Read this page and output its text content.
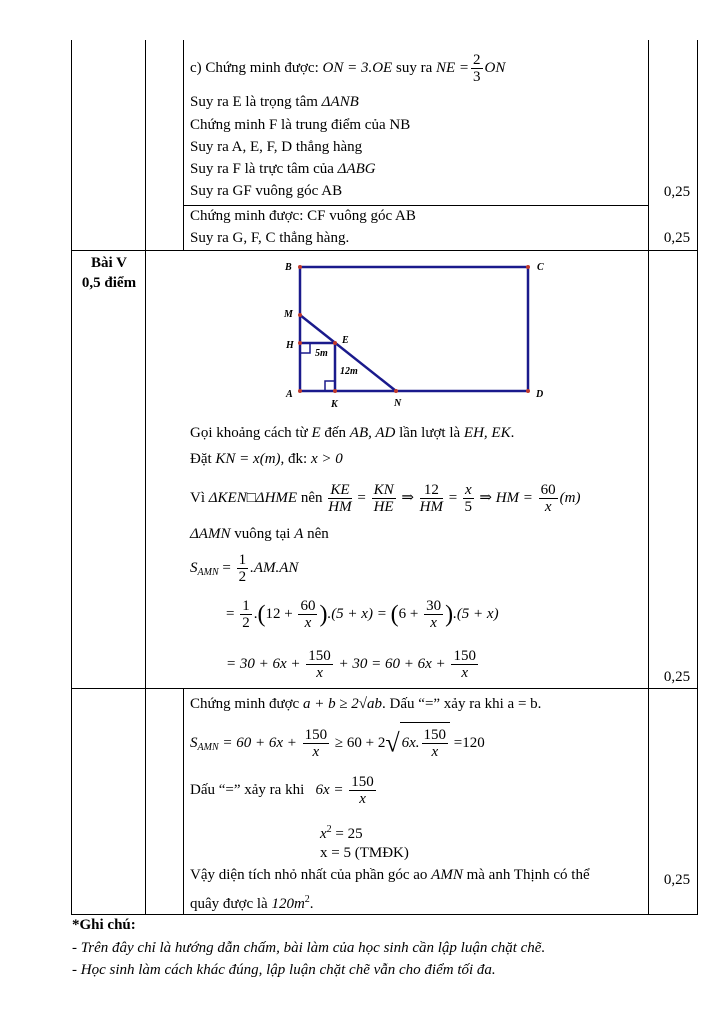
c) Chứng minh được: ON = 3.OE suy ra NE = $\frac{2}{3}$ ON
Suy ra E là trọng tâm ΔANB
Chứng minh F là trung điểm của NB
Suy ra A, E, F, D thẳng hàng
Suy ra F là trực tâm của ΔABG
Suy ra GF vuông góc AB	0,25
Chứng minh được: CF vuông góc AB
Suy ra G, F, C thẳng hàng.	0,25
Bài V
0,5 điểm
B	C
M
E
H
A
K	N
D
5m
12m
Gọi khoảng cách từ E đến AB, AD lần lượt là EH, EK.
Đặt KN = x(m), đk: x > 0
Vì ΔKEN□ΔHME nên $\frac{KE}{HM} = \frac{KN}{HE}$ ⇒ $\frac{12}{HM} = \frac{x}{5}$ ⇒ HM = $\frac{60}{x} (m)$
ΔAMN vuông tại A nên
$S_{AMN} = \frac{1}{2} .AM.AN$
= $\frac{1}{2} .(12 + \frac{60}{x} ).(5 + x) = (6 + \frac{30}{x} ).(5 + x)$
= $30 + 6x + \frac{150}{x} + 30 = 60 + 6x + \frac{150}{x}$	0,25
Chứng minh được a + b ≥ 2√ab. Dấu “=” xảy ra khi a = b.
$S_{AMN} = 60 + 6x + \frac{150}{x} \ge 60 + 2√$ 6x. $\frac{150}{x} =120$
Dấu “=” xảy ra khi $6x = \frac{150}{x}$
$x^2 = 25$
x = 5 (TMĐK)
Vậy diện tích nhỏ nhất của phần góc ao AMN mà anh Thịnh có thể
quây được là $120m^2$.
0,25
*Ghi chú:
- Trên đây chỉ là hướng dẫn chấm, bài làm của học sinh cần lập luận chặt chẽ.
- Học sinh làm cách khác đúng, lập luận chặt chẽ vẫn cho điểm tối đa.
